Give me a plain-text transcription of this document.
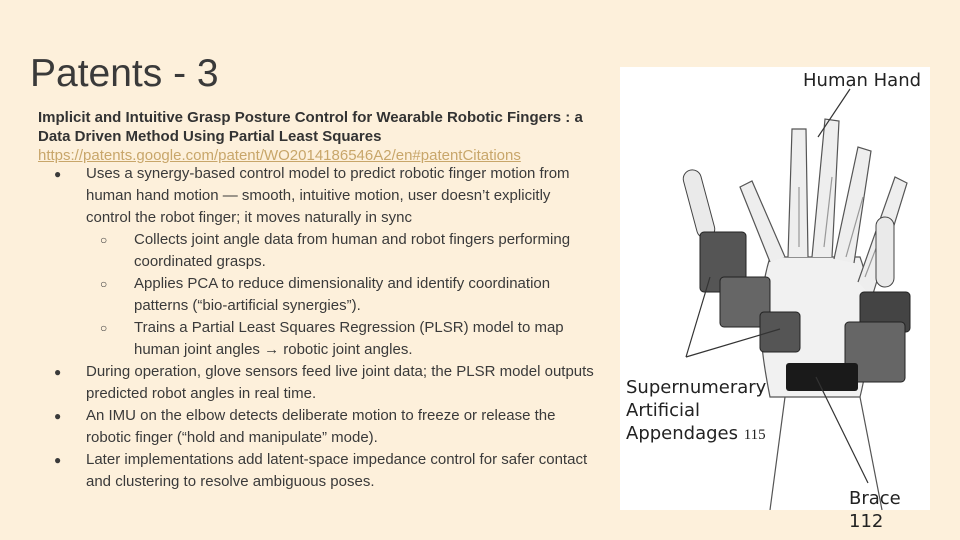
Patents - 3
Implicit and Intuitive Grasp Posture Control for Wearable Robotic Fingers : a Data Driven Method Using Partial Least Squares
https://patents.google.com/patent/WO2014186546A2/en#patentCitations
● Uses a synergy-based control model to predict robotic finger motion from human hand motion — smooth, intuitive motion, user doesn’t explicitly control the robot finger; it moves naturally in sync
○ Collects joint angle data from human and robot fingers performing coordinated grasps.
○ Applies PCA to reduce dimensionality and identify coordination patterns (“bio-artificial synergies”).
○ Trains a Partial Least Squares Regression (PLSR) model to map human joint angles → robotic joint angles.
● During operation, glove sensors feed live joint data; the PLSR model outputs predicted robot angles in real time.
● An IMU on the elbow detects deliberate motion to freeze or release the robotic finger (“hold and manipulate” mode).
● Later implementations add latent-space impedance control for safer contact and clustering to resolve ambiguous poses.
Human Hand
Supernumerary
Artificial
Appendages 115
Brace 112
